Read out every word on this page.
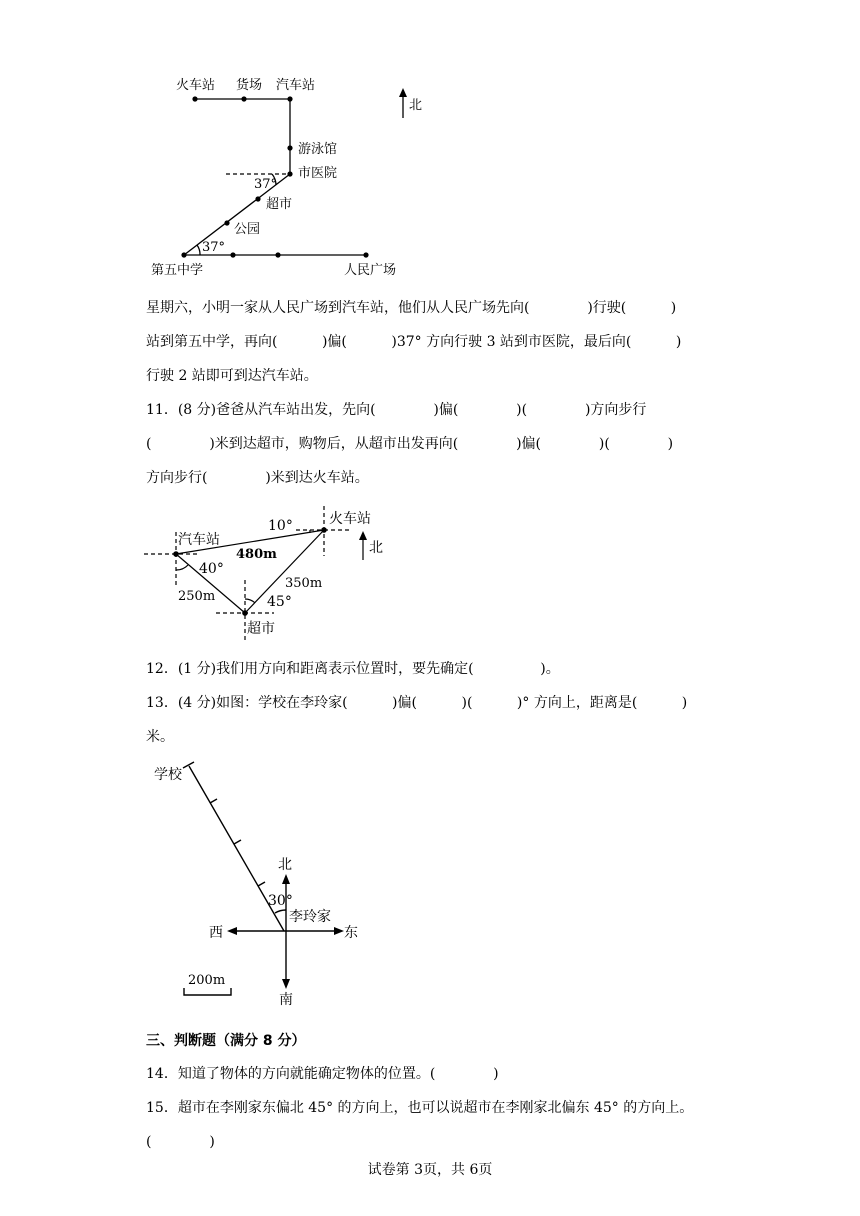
火车站 货场 汽车站
北
游泳馆
市医院
37°
超市
公园
37°
第五中学	人民广场
星期六，小明一家从人民广场到汽车站，他们从人民广场先向(             )行驶(          )
站到第五中学，再向(          )偏(          )37° 方向行驶 3 站到市医院，最后向(          )
行驶 2 站即可到达汽车站。
11．(8 分)爸爸从汽车站出发，先向(             )偏(             )(             )方向步行
(             )米到达超市，购物后，从超市出发再向(             )偏(             )(             )
方向步行(             )米到达火车站。
汽车站
10°	火车站
北
480m
40°
350m
250m	45°
超市
12．(1 分)我们用方向和距离表示位置时，要先确定(               )。
13．(4 分)如图：学校在李玲家(          )偏(          )(          )° 方向上，距离是(          )
米。
学校
北
30°
李玲家
西	东
南
200m
三、判断题（满分 8 分）
14．知道了物体的方向就能确定物体的位置。(             )
15．超市在李刚家东偏北 45° 的方向上，也可以说超市在李刚家北偏东 45° 的方向上。
(             )
试卷第 3页，共 6页
